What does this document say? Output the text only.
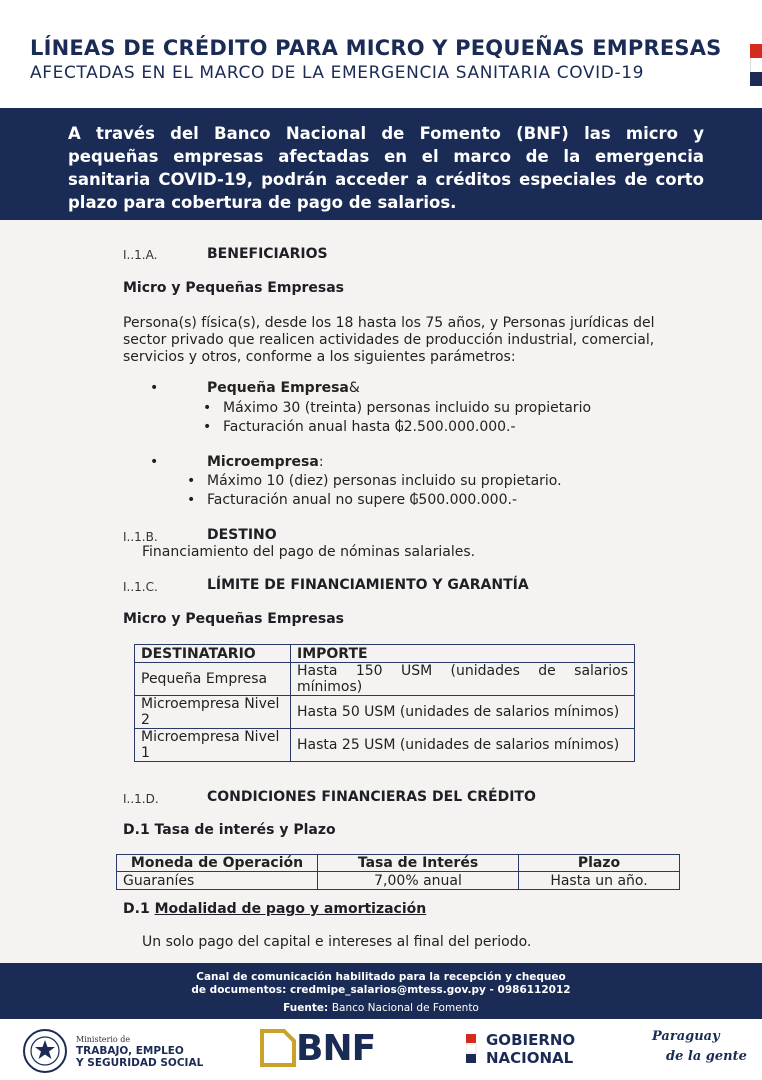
LÍNEAS DE CRÉDITO PARA MICRO Y PEQUEÑAS EMPRESAS
AFECTADAS EN EL MARCO DE LA EMERGENCIA SANITARIA COVID-19
A través del Banco Nacional de Fomento (BNF) las micro y pequeñas empresas afectadas en el marco de la emergencia sanitaria COVID-19, podrán acceder a créditos especiales de corto plazo para cobertura de pago de salarios.
I..1.A.	BENEFICIARIOS
Micro y Pequeñas Empresas
Persona(s) física(s), desde los 18 hasta los 75 años, y Personas jurídicas del sector privado que realicen actividades de producción industrial, comercial, servicios y otros, conforme a los siguientes parámetros:
•	Pequeña Empresa&
• Máximo 30 (treinta) personas incluido su propietario
• Facturación anual hasta ₲2.500.000.000.-
•	Microempresa:
• Máximo 10 (diez) personas incluido su propietario.
• Facturación anual no supere ₲500.000.000.-
I..1.B.	DESTINO
Financiamiento del pago de nóminas salariales.
I..1.C.	LÍMITE DE FINANCIAMIENTO Y GARANTÍA
Micro y Pequeñas Empresas
DESTINATARIO	IMPORTE
Pequeña Empresa	Hasta 150 USM (unidades de salarios mínimos)
Microempresa Nivel 2	Hasta 50 USM (unidades de salarios mínimos)
Microempresa Nivel 1	Hasta 25 USM (unidades de salarios mínimos)
I..1.D.	CONDICIONES FINANCIERAS DEL CRÉDITO
D.1 Tasa de interés y Plazo
Moneda de Operación	Tasa de Interés	Plazo
Guaraníes	7,00% anual	Hasta un año.
D.1 Modalidad de pago y amortización
Un solo pago del capital e intereses al final del periodo.
Canal de comunicación habilitado para la recepción y chequeo
de documentos: credmipe_salarios@mtess.gov.py - 0986112012
Fuente: Banco Nacional de Fomento
Ministerio de
TRABAJO, EMPLEO
Y SEGURIDAD SOCIAL	BNF	GOBIERNO
NACIONAL
Paraguay
de la gente
